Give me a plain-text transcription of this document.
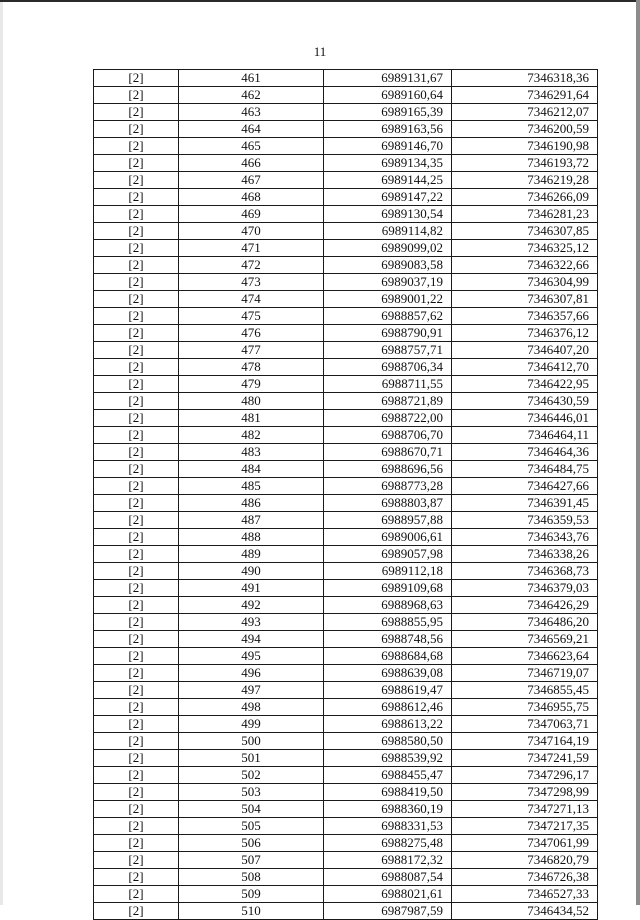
11
[2]	461	6989131,67	7346318,36
[2]	462	6989160,64	7346291,64
[2]	463	6989165,39	7346212,07
[2]	464	6989163,56	7346200,59
[2]	465	6989146,70	7346190,98
[2]	466	6989134,35	7346193,72
[2]	467	6989144,25	7346219,28
[2]	468	6989147,22	7346266,09
[2]	469	6989130,54	7346281,23
[2]	470	6989114,82	7346307,85
[2]	471	6989099,02	7346325,12
[2]	472	6989083,58	7346322,66
[2]	473	6989037,19	7346304,99
[2]	474	6989001,22	7346307,81
[2]	475	6988857,62	7346357,66
[2]	476	6988790,91	7346376,12
[2]	477	6988757,71	7346407,20
[2]	478	6988706,34	7346412,70
[2]	479	6988711,55	7346422,95
[2]	480	6988721,89	7346430,59
[2]	481	6988722,00	7346446,01
[2]	482	6988706,70	7346464,11
[2]	483	6988670,71	7346464,36
[2]	484	6988696,56	7346484,75
[2]	485	6988773,28	7346427,66
[2]	486	6988803,87	7346391,45
[2]	487	6988957,88	7346359,53
[2]	488	6989006,61	7346343,76
[2]	489	6989057,98	7346338,26
[2]	490	6989112,18	7346368,73
[2]	491	6989109,68	7346379,03
[2]	492	6988968,63	7346426,29
[2]	493	6988855,95	7346486,20
[2]	494	6988748,56	7346569,21
[2]	495	6988684,68	7346623,64
[2]	496	6988639,08	7346719,07
[2]	497	6988619,47	7346855,45
[2]	498	6988612,46	7346955,75
[2]	499	6988613,22	7347063,71
[2]	500	6988580,50	7347164,19
[2]	501	6988539,92	7347241,59
[2]	502	6988455,47	7347296,17
[2]	503	6988419,50	7347298,99
[2]	504	6988360,19	7347271,13
[2]	505	6988331,53	7347217,35
[2]	506	6988275,48	7347061,99
[2]	507	6988172,32	7346820,79
[2]	508	6988087,54	7346726,38
[2]	509	6988021,61	7346527,33
[2]	510	6987987,59	7346434,52
